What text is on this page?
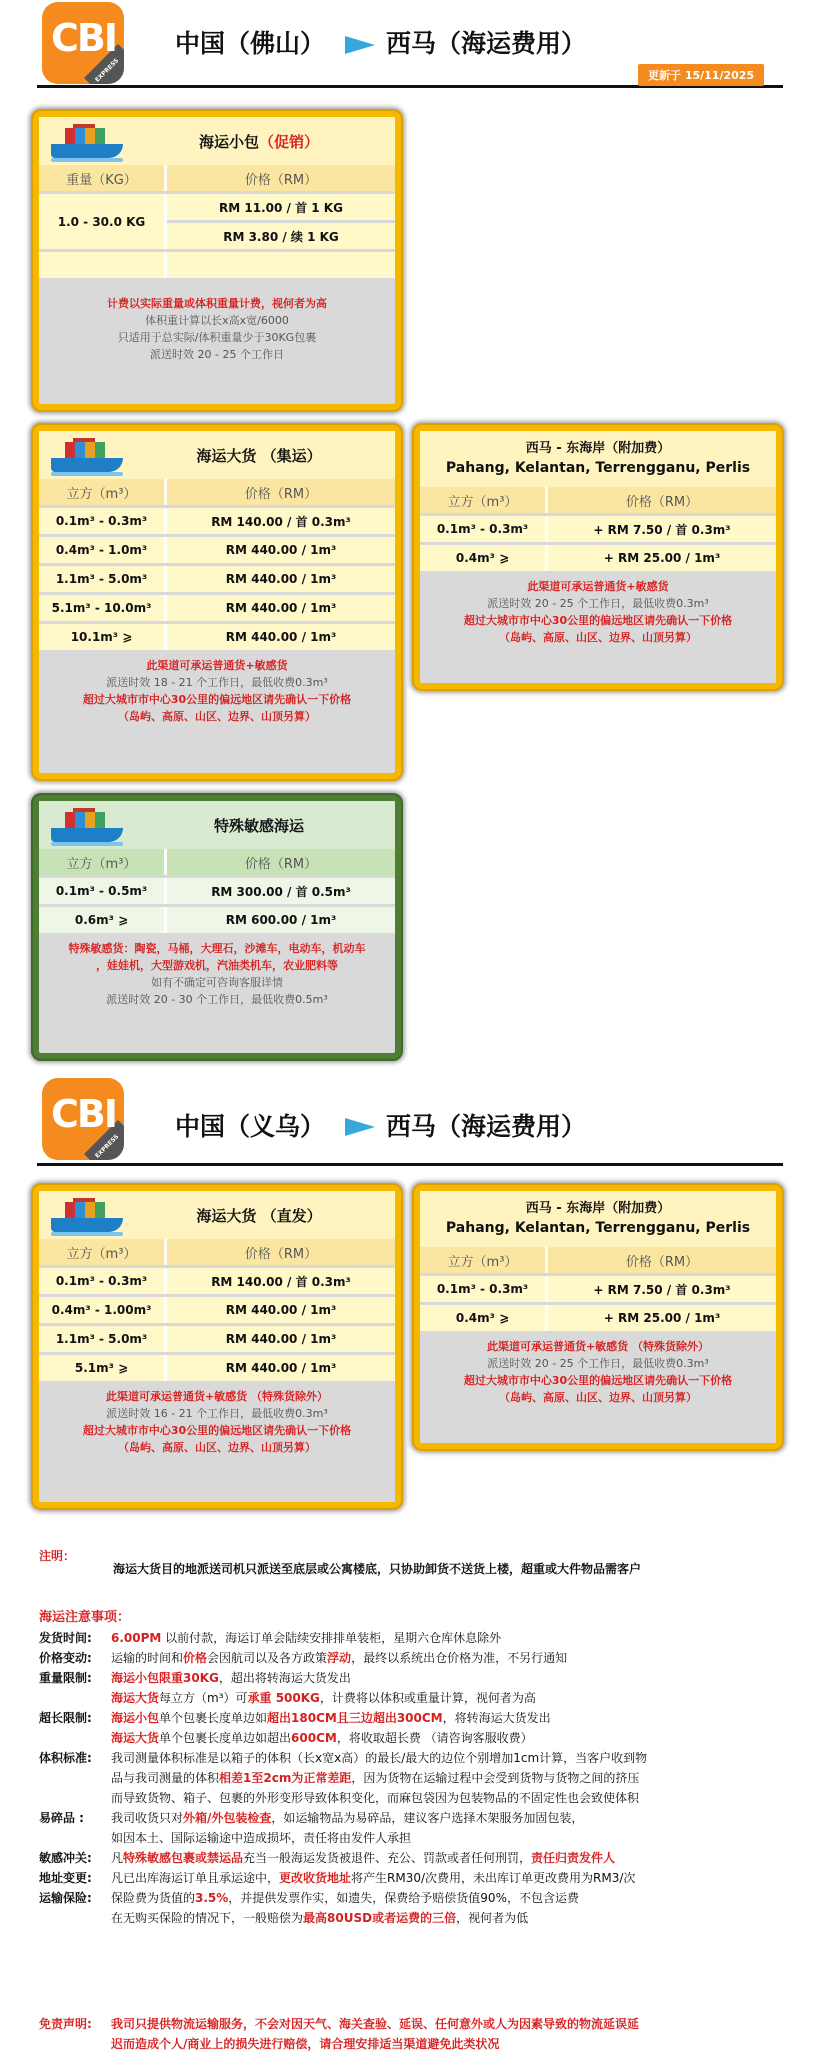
CBI
EXPRESS
中国（佛山） 西马（海运费用）
更新于 15/11/2025
海运小包（促销）
重量（KG）	价格（RM）
1.0 - 30.0 KG	RM 11.00 / 首 1 KG
	RM 3.80 / 续 1 KG

计费以实际重量或体积重量计费，视何者为高
体积重计算以长x高x宽/6000
只适用于总实际/体积重量少于30KG包裹
派送时效 20 - 25 个工作日
海运大货 （集运）
立方（m³）	价格（RM）
0.1m³ - 0.3m³	RM 140.00 / 首 0.3m³
0.4m³ - 1.0m³	RM 440.00 / 1m³
1.1m³ - 5.0m³	RM 440.00 / 1m³
5.1m³ - 10.0m³	RM 440.00 / 1m³
10.1m³ ⩾	RM 440.00 / 1m³
此渠道可承运普通货+敏感货
派送时效 18 - 21 个工作日，最低收费0.3m³
超过大城市市中心30公里的偏远地区请先确认一下价格
（岛屿、高原、山区、边界、山顶另算）
西马 - 东海岸（附加费）
Pahang, Kelantan, Terrengganu, Perlis
立方（m³）	价格（RM）
0.1m³ - 0.3m³	+ RM 7.50 / 首 0.3m³
0.4m³ ⩾	+ RM 25.00 / 1m³
此渠道可承运普通货+敏感货
派送时效 20 - 25 个工作日，最低收费0.3m³
超过大城市市中心30公里的偏远地区请先确认一下价格
（岛屿、高原、山区、边界、山顶另算）
特殊敏感海运
立方（m³）	价格（RM）
0.1m³ - 0.5m³	RM 300.00 / 首 0.5m³
0.6m³ ⩾	RM 600.00 / 1m³
特殊敏感货：陶瓷，马桶，大理石，沙滩车，电动车，机动车
，娃娃机，大型游戏机，汽油类机车，农业肥料等
如有不确定可咨询客服详情
派送时效 20 - 30 个工作日，最低收费0.5m³
CBI
EXPRESS
中国（义乌） 西马（海运费用）
海运大货 （直发）
立方（m³）	价格（RM）
0.1m³ - 0.3m³	RM 140.00 / 首 0.3m³
0.4m³ - 1.00m³	RM 440.00 / 1m³
1.1m³ - 5.0m³	RM 440.00 / 1m³
5.1m³ ⩾	RM 440.00 / 1m³
此渠道可承运普通货+敏感货 （特殊货除外）
派送时效 16 - 21 个工作日，最低收费0.3m³
超过大城市市中心30公里的偏远地区请先确认一下价格
（岛屿、高原、山区、边界、山顶另算）
西马 - 东海岸（附加费）
Pahang, Kelantan, Terrengganu, Perlis
立方（m³）	价格（RM）
0.1m³ - 0.3m³	+ RM 7.50 / 首 0.3m³
0.4m³ ⩾	+ RM 25.00 / 1m³
此渠道可承运普通货+敏感货 （特殊货除外）
派送时效 20 - 25 个工作日，最低收费0.3m³
超过大城市市中心30公里的偏远地区请先确认一下价格
（岛屿、高原、山区、边界、山顶另算）
注明：
海运大货目的地派送司机只派送至底层或公寓楼底，只协助卸货不送货上楼，超重或大件物品需客户
海运注意事项：
发货时间:	6.00PM 以前付款，海运订单会陆续安排排单装柜，星期六仓库休息除外
价格变动:	运输的时间和价格会因航司以及各方政策浮动，最终以系统出仓价格为准，不另行通知
重量限制:	海运小包限重30KG，超出将转海运大货发出
海运大货每立方（m³）可承重 500KG，计费将以体积或重量计算，视何者为高
超长限制:	海运小包单个包裹长度单边如超出180CM且三边超出300CM，将转海运大货发出
海运大货单个包裹长度单边如超出600CM，将收取超长费 （请咨询客服收费）
体积标准:	我司测量体积标准是以箱子的体积（长x宽x高）的最长/最大的边位个别增加1cm计算，当客户收到物
品与我司测量的体积相差1至2cm为正常差距，因为货物在运输过程中会受到货物与货物之间的挤压
而导致货物、箱子、包裹的外形变形导致体积变化，而麻包袋因为包装物品的不固定性也会致使体积
易碎品 :	我司收货只对外箱/外包装检查，如运输物品为易碎品，建议客户选择木架服务加固包装，
如因本土、国际运输途中造成损坏，责任将由发件人承担
敏感冲关:	凡特殊敏感包裹或禁运品充当一般海运发货被退件、充公、罚款或者任何刑罚，责任归责发件人
地址变更:	凡已出库海运订单且承运途中，更改收货地址将产生RM30/次费用，未出库订单更改费用为RM3/次
运输保险:	保险费为货值的3.5%，并提供发票作实，如遗失，保费给予赔偿货值90%，不包含运费
在无购买保险的情况下，一般赔偿为最高80USD或者运费的三倍，视何者为低
免责声明:	我司只提供物流运输服务，不会对因天气、海关查验、延误、任何意外或人为因素导致的物流延误延
迟而造成个人/商业上的损失进行赔偿，请合理安排适当渠道避免此类状况
